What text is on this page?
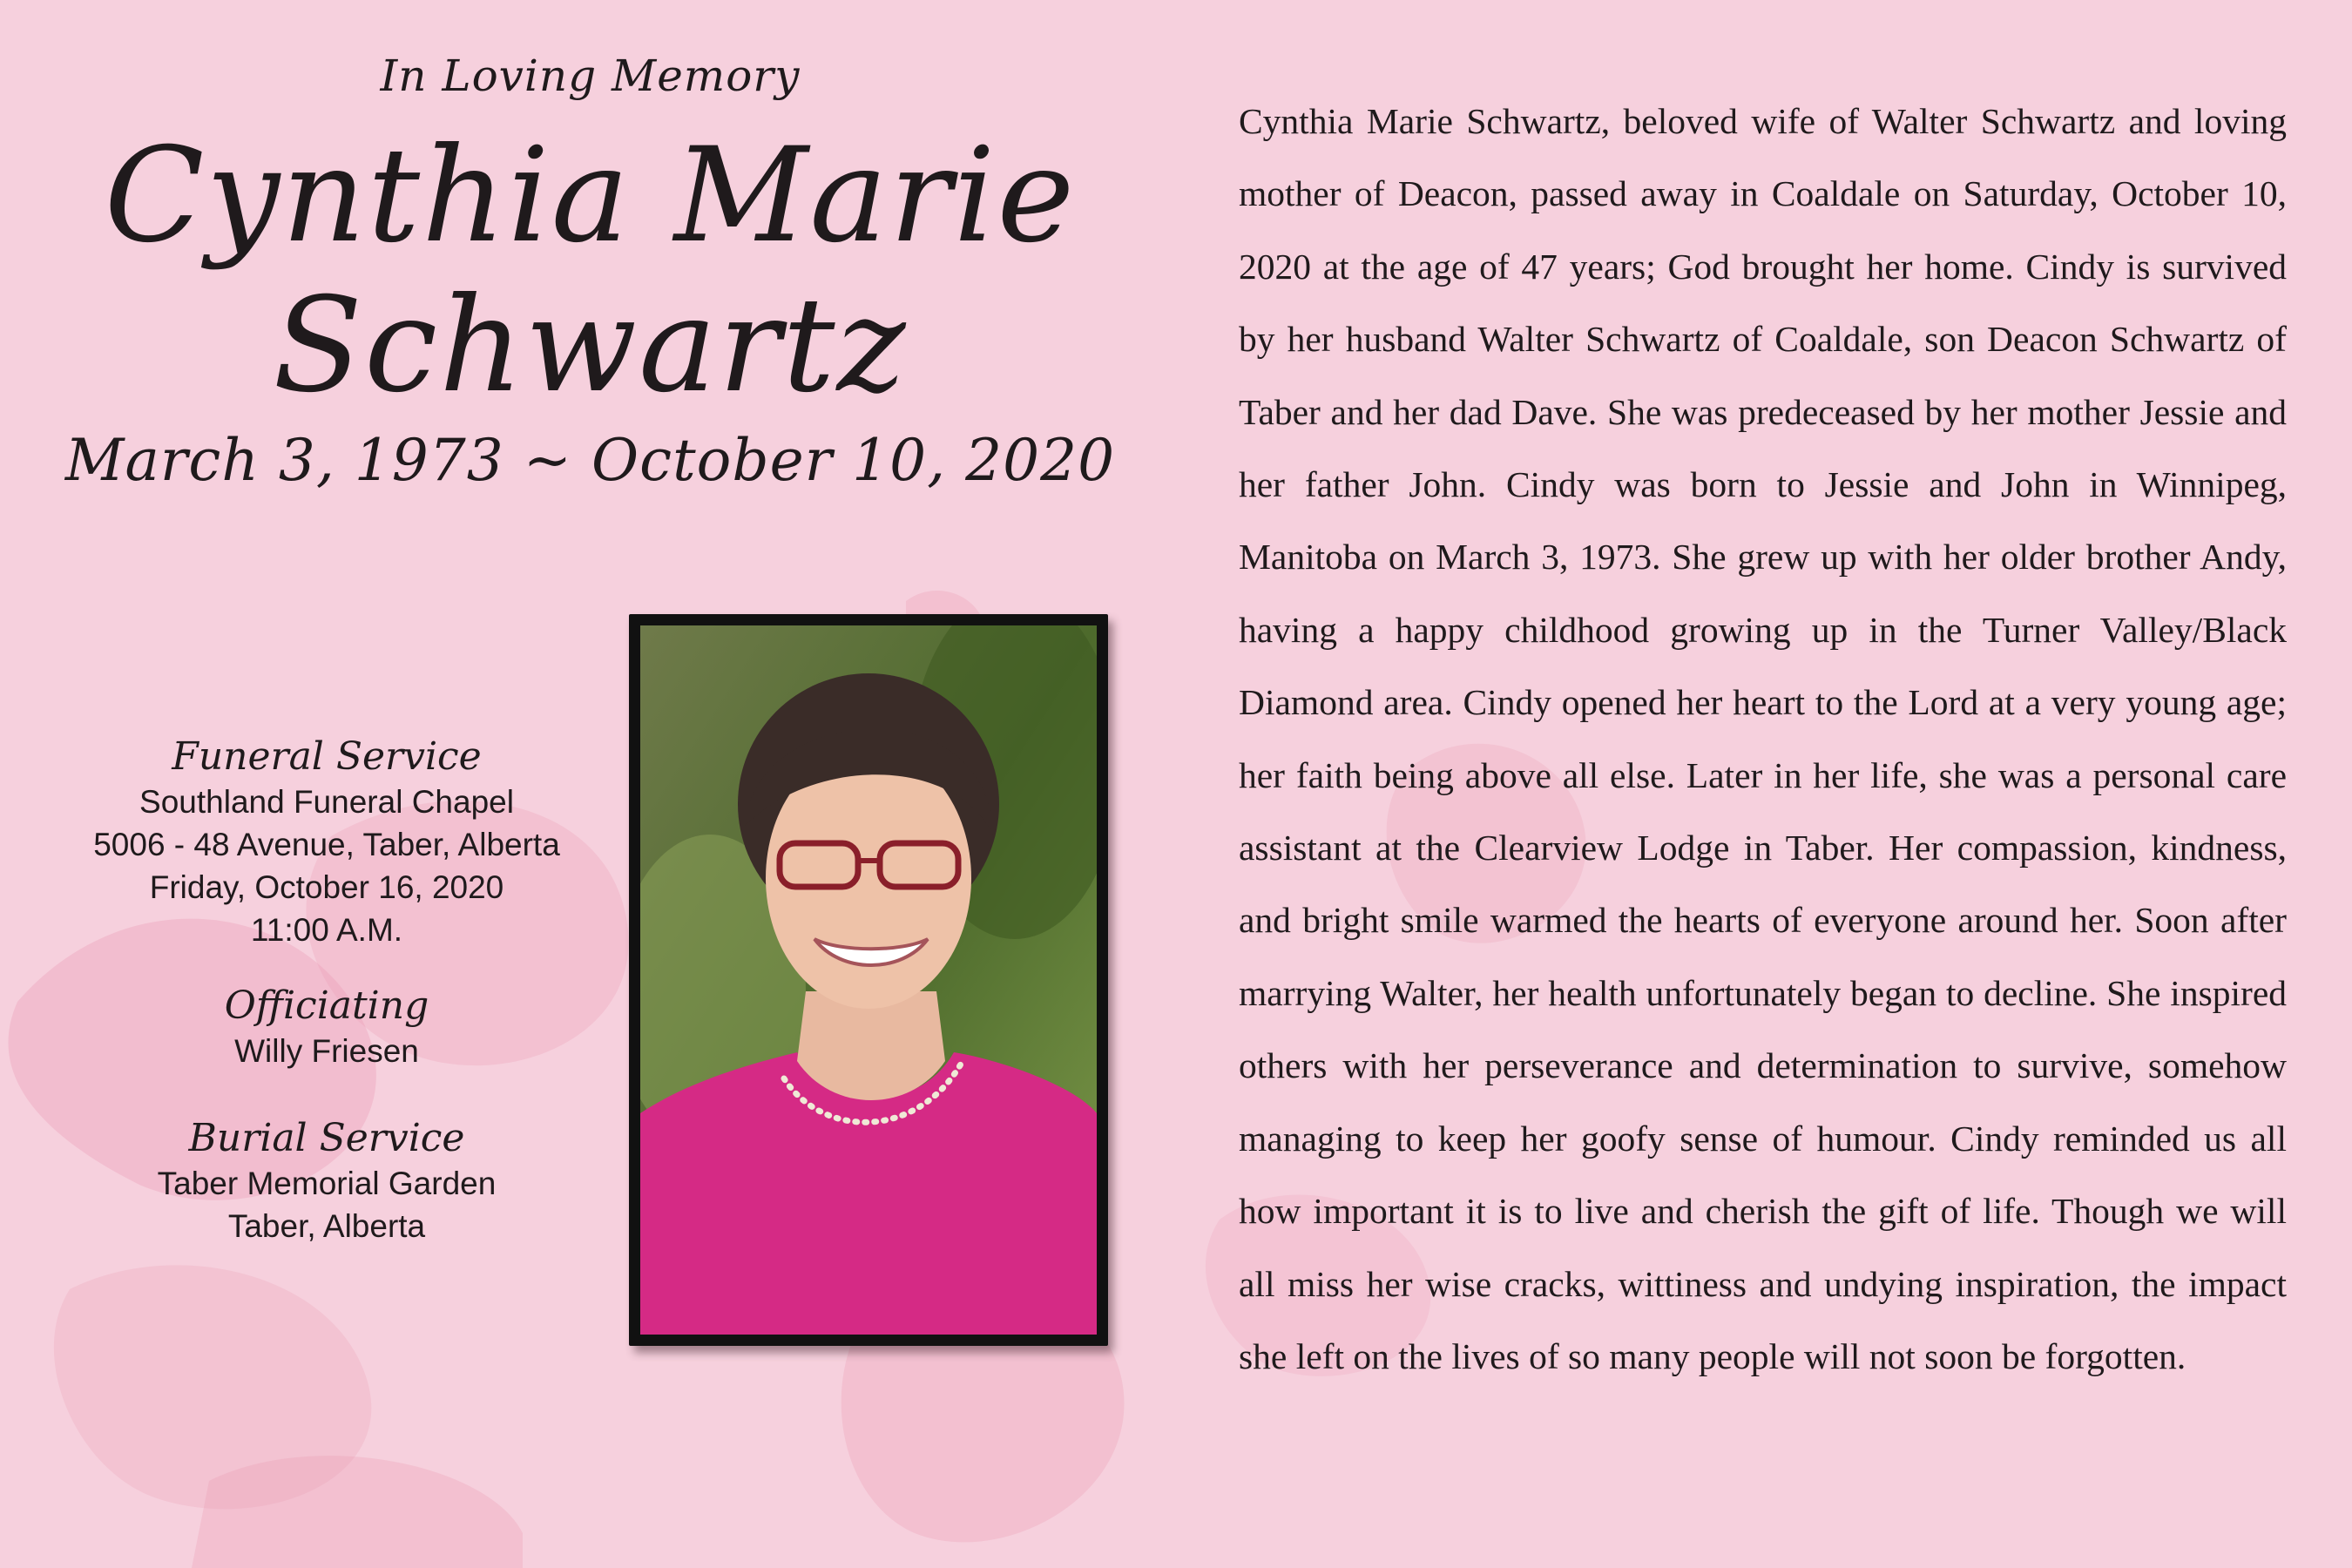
In Loving Memory
Cynthia Marie
Schwartz
March 3, 1973 ~ October 10, 2020
Funeral Service
Southland Funeral Chapel
5006 - 48 Avenue, Taber, Alberta
Friday, October 16, 2020
11:00 A.M.
Officiating
Willy Friesen
Burial Service
Taber Memorial Garden
Taber, Alberta

Cynthia Marie Schwartz, beloved wife of Walter Schwartz and loving mother of Deacon, passed away in Coaldale on Saturday, October 10, 2020 at the age of 47 years; God brought her home. Cindy is survived by her husband Walter Schwartz of Coaldale, son Deacon Schwartz of Taber and her dad Dave. She was predeceased by her mother Jessie and her father John. Cindy was born to Jessie and John in Winnipeg, Manitoba on March 3, 1973. She grew up with her older brother Andy, having a happy childhood growing up in the Turner Valley/Black Diamond area. Cindy opened her heart to the Lord at a very young age; her faith being above all else. Later in her life, she was a personal care assistant at the Clearview Lodge in Taber. Her compassion, kindness, and bright smile warmed the hearts of everyone around her. Soon after marrying Walter, her health unfortunately began to decline. She inspired others with her perseverance and determination to survive, somehow managing to keep her goofy sense of humour. Cindy reminded us all how important it is to live and cherish the gift of life. Though we will all miss her wise cracks, wittiness and undying inspiration, the impact she left on the lives of so many people will not soon be forgotten.
